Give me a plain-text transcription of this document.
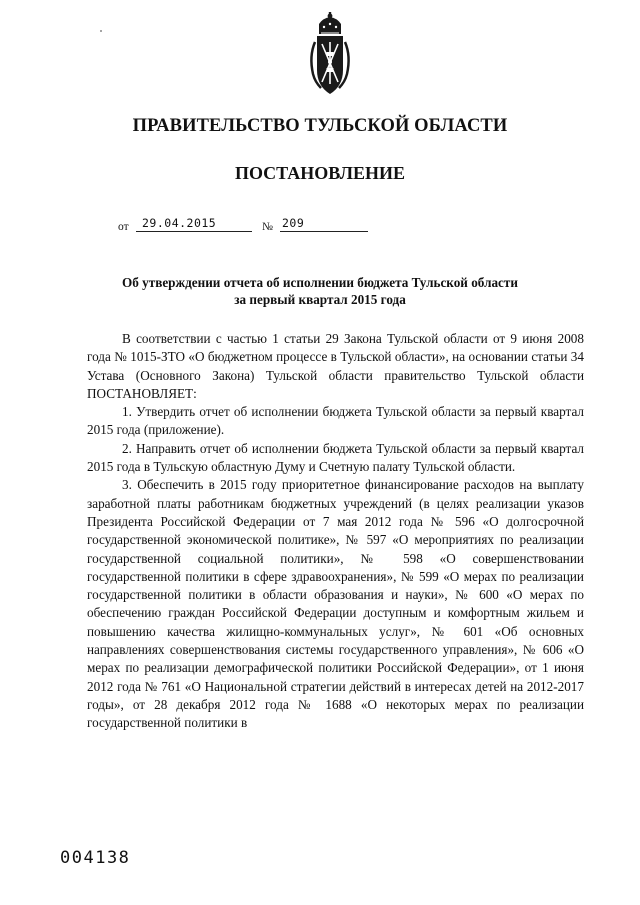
ПРАВИТЕЛЬСТВО ТУЛЬСКОЙ ОБЛАСТИ
ПОСТАНОВЛЕНИЕ
от	29.04.2015	№ 209
Об утверждении отчета об исполнении бюджета Тульской области
за первый квартал 2015 года

В соответствии с частью 1 статьи 29 Закона Тульской области от 9 июня 2008 года № 1015-ЗТО «О бюджетном процессе в Тульской области», на основании статьи 34 Устава (Основного Закона) Тульской области правительство Тульской области ПОСТАНОВЛЯЕТ:

1. Утвердить отчет об исполнении бюджета Тульской области за первый квартал 2015 года (приложение).

2. Направить отчет об исполнении бюджета Тульской области за первый квартал 2015 года в Тульскую областную Думу и Счетную палату Тульской области.

3. Обеспечить в 2015 году приоритетное финансирование расходов на выплату заработной платы работникам бюджетных учреждений (в целях реализации указов Президента Российской Федерации от 7 мая 2012 года № 596 «О долгосрочной государственной экономической политике», № 597 «О мероприятиях по реализации государственной социальной политики», № 598 «О совершенствовании государственной политики в сфере здравоохранения», № 599 «О мерах по реализации государственной политики в области образования и науки», № 600 «О мерах по обеспечению граждан Российской Федерации доступным и комфортным жильем и повышению качества жилищно-коммунальных услуг», № 601 «Об основных направлениях совершенствования системы государственного управления», № 606 «О мерах по реализации демографической политики Российской Федерации», от 1 июня 2012 года № 761 «О Национальной стратегии действий в интересах детей на 2012-2017 годы», от 28 декабря 2012 года № 1688 «О некоторых мерах по реализации государственной политики в

004138
